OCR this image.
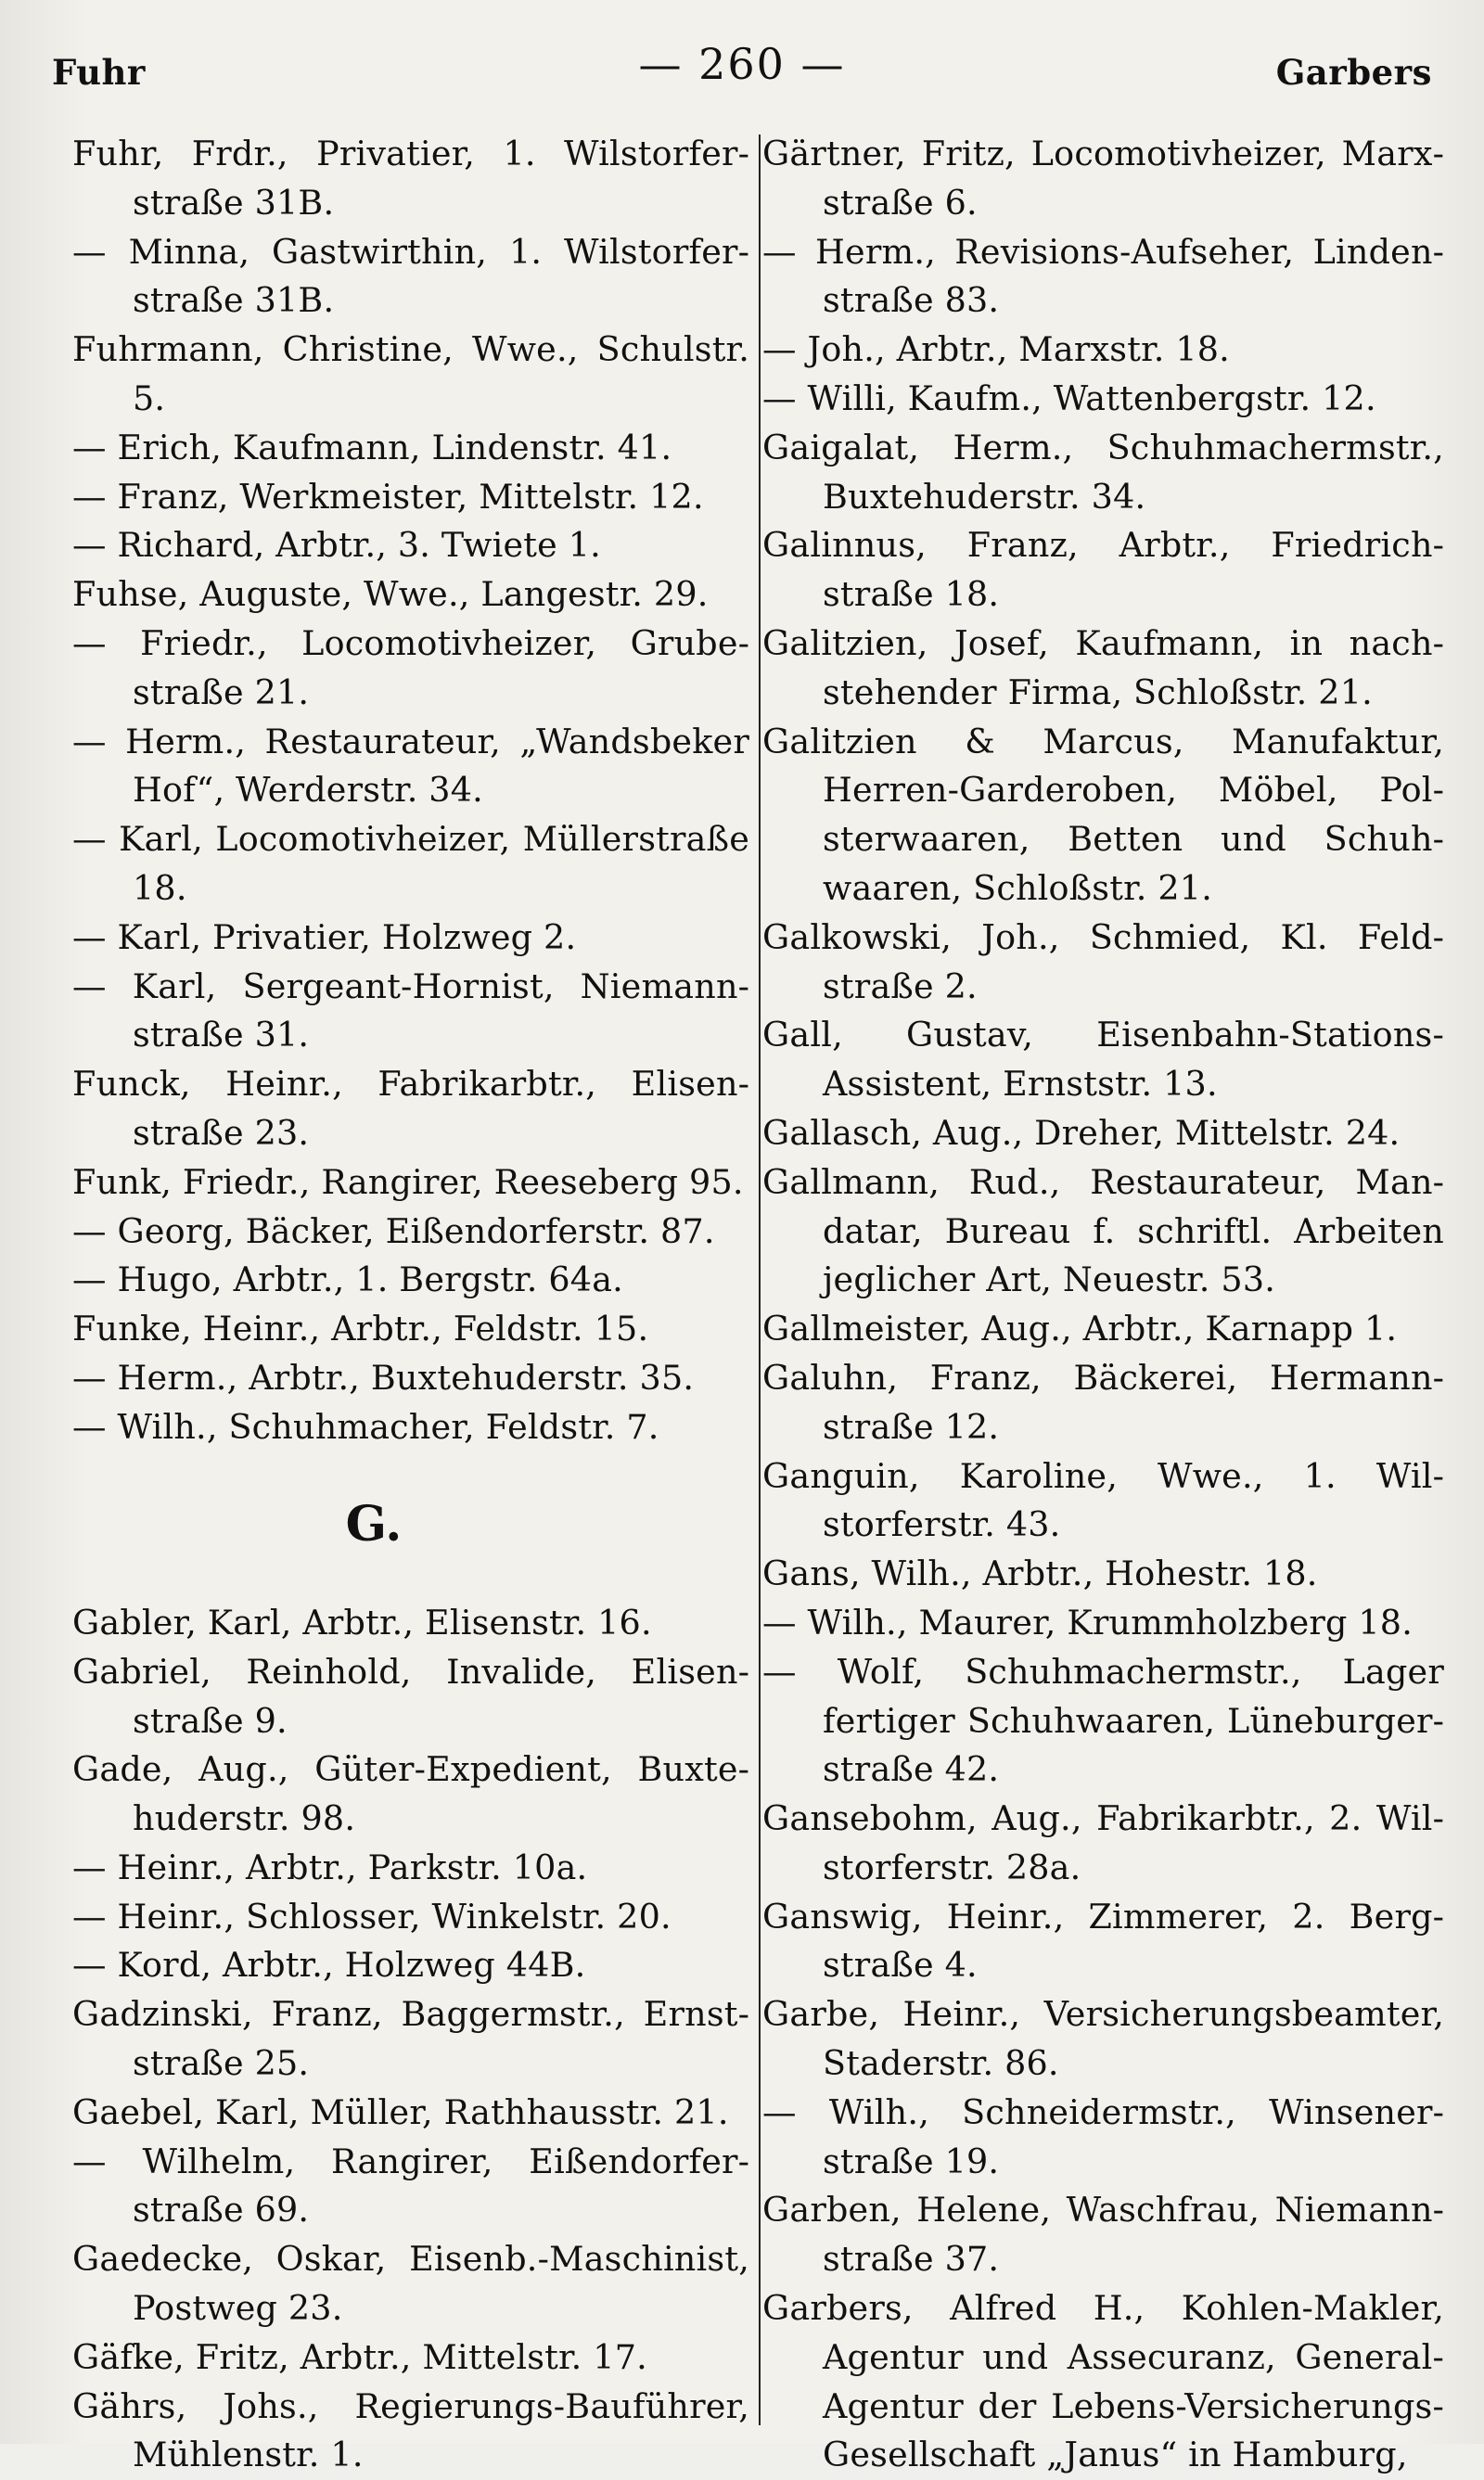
Fuhr	— 260 —	Garbers

Fuhr, Frdr., Privatier, 1. Wilstorferstraße 31B.

— Minna, Gastwirthin, 1. Wilstorferstraße 31B.

Fuhrmann, Christine, Wwe., Schulstr. 5.

— Erich, Kaufmann, Lindenstr. 41.

— Franz, Werkmeister, Mittelstr. 12.

— Richard, Arbtr., 3. Twiete 1.

Fuhse, Auguste, Wwe., Langestr. 29.

— Friedr., Locomotivheizer, Grubestraße 21.

— Herm., Restaurateur, „Wandsbeker Hof“, Werderstr. 34.

— Karl, Locomotivheizer, Müllerstraße 18.

— Karl, Privatier, Holzweg 2.

— Karl, Sergeant-Hornist, Niemannstraße 31.

Funck, Heinr., Fabrikarbtr., Elisenstraße 23.

Funk, Friedr., Rangirer, Reeseberg 95.

— Georg, Bäcker, Eißendorferstr. 87.

— Hugo, Arbtr., 1. Bergstr. 64a.

Funke, Heinr., Arbtr., Feldstr. 15.

— Herm., Arbtr., Buxtehuderstr. 35.

— Wilh., Schuhmacher, Feldstr. 7.

G.

Gabler, Karl, Arbtr., Elisenstr. 16.

Gabriel, Reinhold, Invalide, Elisenstraße 9.

Gade, Aug., Güter-Expedient, Buxtehuderstr. 98.

— Heinr., Arbtr., Parkstr. 10a.

— Heinr., Schlosser, Winkelstr. 20.

— Kord, Arbtr., Holzweg 44B.

Gadzinski, Franz, Baggermstr., Ernststraße 25.

Gaebel, Karl, Müller, Rathhausstr. 21.

— Wilhelm, Rangirer, Eißendorferstraße 69.

Gaedecke, Oskar, Eisenb.-Maschinist, Postweg 23.

Gäfke, Fritz, Arbtr., Mittelstr. 17.

Gährs, Johs., Regierungs-Bauführer, Mühlenstr. 1.

Gärtner, Fritz, Locomotivheizer, Marxstraße 6.

— Herm., Revisions-Aufseher, Lindenstraße 83.

— Joh., Arbtr., Marxstr. 18.

— Willi, Kaufm., Wattenbergstr. 12.

Gaigalat, Herm., Schuhmachermstr., Buxtehuderstr. 34.

Galinnus, Franz, Arbtr., Friedrichstraße 18.

Galitzien, Josef, Kaufmann, in nachstehender Firma, Schloßstr. 21.

Galitzien & Marcus, Manufaktur, Herren-Garderoben, Möbel, Polsterwaaren, Betten und Schuhwaaren, Schloßstr. 21.

Galkowski, Joh., Schmied, Kl. Feldstraße 2.

Gall, Gustav, Eisenbahn-Stations-Assistent, Ernststr. 13.

Gallasch, Aug., Dreher, Mittelstr. 24.

Gallmann, Rud., Restaurateur, Mandatar, Bureau f. schriftl. Arbeiten jeglicher Art, Neuestr. 53.

Gallmeister, Aug., Arbtr., Karnapp 1.

Galuhn, Franz, Bäckerei, Hermannstraße 12.

Ganguin, Karoline, Wwe., 1. Wilstorferstr. 43.

Gans, Wilh., Arbtr., Hohestr. 18.

— Wilh., Maurer, Krummholzberg 18.

— Wolf, Schuhmachermstr., Lager fertiger Schuhwaaren, Lüneburgerstraße 42.

Gansebohm, Aug., Fabrikarbtr., 2. Wilstorferstr. 28a.

Ganswig, Heinr., Zimmerer, 2. Bergstraße 4.

Garbe, Heinr., Versicherungsbeamter, Staderstr. 86.

— Wilh., Schneidermstr., Winsenerstraße 19.

Garben, Helene, Waschfrau, Niemannstraße 37.

Garbers, Alfred H., Kohlen-Makler, Agentur und Assecuranz, General-Agentur der Lebens-Versicherungs-Gesellschaft „Janus“ in Hamburg,
